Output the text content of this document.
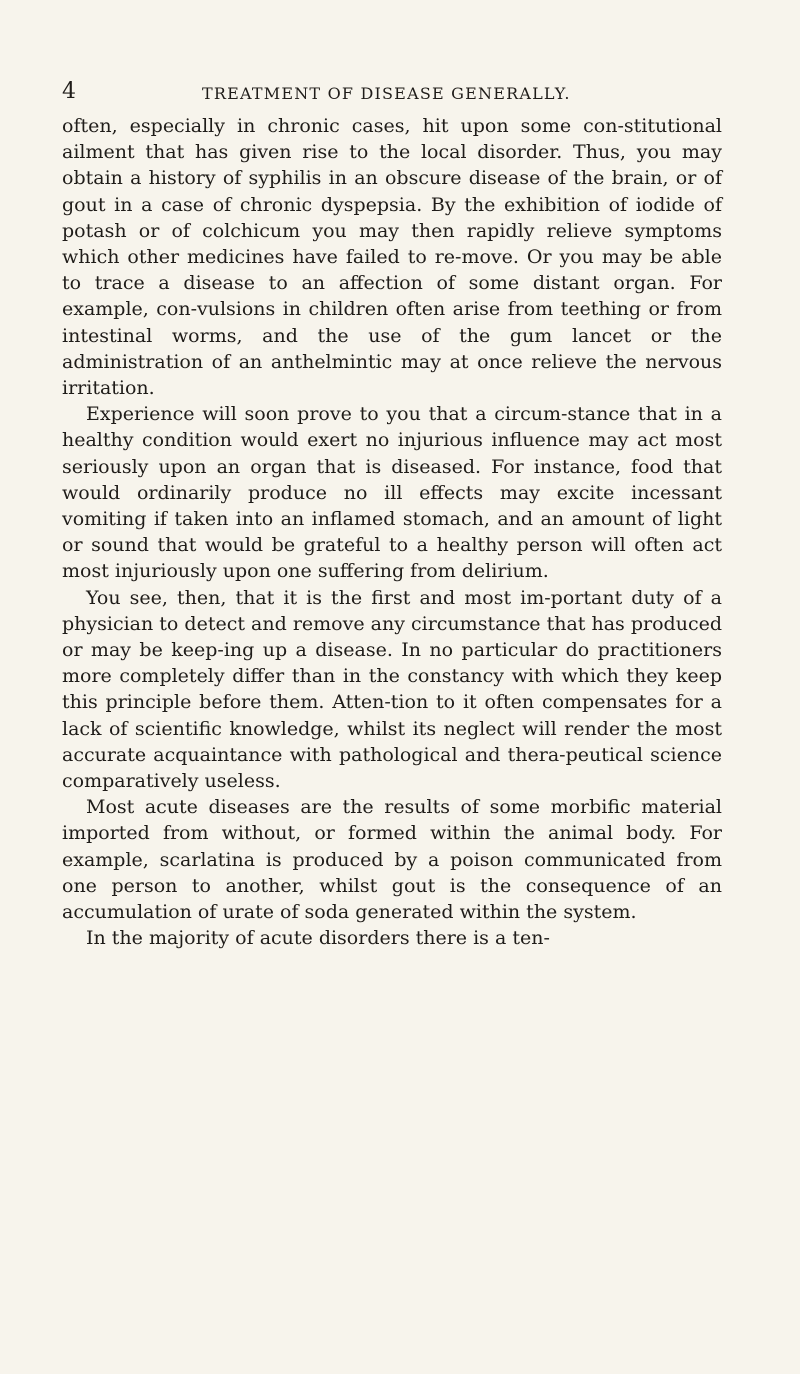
4	TREATMENT OF DISEASE GENERALLY.

often, especially in chronic cases, hit upon some con-stitutional ailment that has given rise to the local disorder. Thus, you may obtain a history of syphilis in an obscure disease of the brain, or of gout in a case of chronic dyspepsia. By the exhibition of iodide of potash or of colchicum you may then rapidly relieve symptoms which other medicines have failed to re-move. Or you may be able to trace a disease to an affection of some distant organ. For example, con-vulsions in children often arise from teething or from intestinal worms, and the use of the gum lancet or the administration of an anthelmintic may at once relieve the nervous irritation.

Experience will soon prove to you that a circum-stance that in a healthy condition would exert no injurious influence may act most seriously upon an organ that is diseased. For instance, food that would ordinarily produce no ill effects may excite incessant vomiting if taken into an inflamed stomach, and an amount of light or sound that would be grateful to a healthy person will often act most injuriously upon one suffering from delirium.

You see, then, that it is the first and most im-portant duty of a physician to detect and remove any circumstance that has produced or may be keep-ing up a disease. In no particular do practitioners more completely differ than in the constancy with which they keep this principle before them. Atten-tion to it often compensates for a lack of scientific knowledge, whilst its neglect will render the most accurate acquaintance with pathological and thera-peutical science comparatively useless.

Most acute diseases are the results of some morbific material imported from without, or formed within the animal body. For example, scarlatina is produced by a poison communicated from one person to another, whilst gout is the consequence of an accumulation of urate of soda generated within the system.

In the majority of acute disorders there is a ten-
